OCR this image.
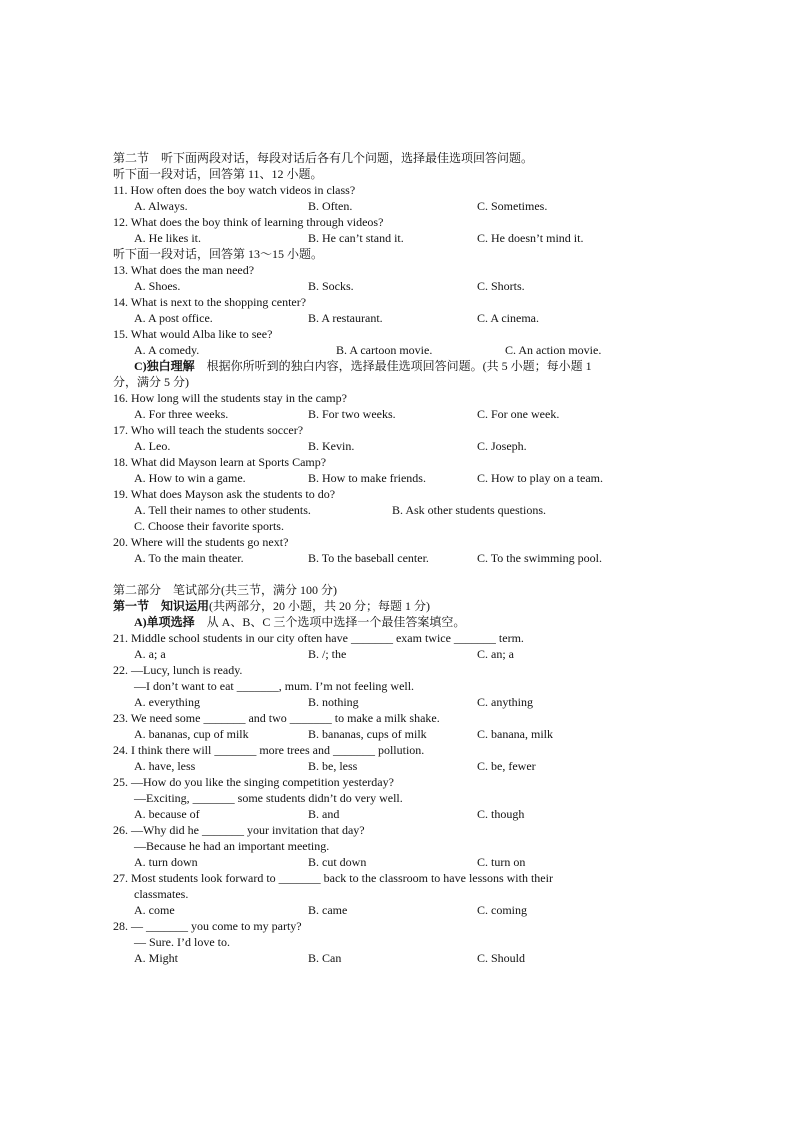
第二节　听下面两段对话，每段对话后各有几个问题，选择最佳选项回答问题。
听下面一段对话，回答第 11、12 小题。
11. How often does the boy watch videos in class?
A. Always.	B. Often.	C. Sometimes.
12. What does the boy think of learning through videos?
A. He likes it.	B. He can’t stand it.	C. He doesn’t mind it.
听下面一段对话，回答第 13～15 小题。
13. What does the man need?
A. Shoes.	B. Socks.	C. Shorts.
14. What is next to the shopping center?
A. A post office.	B. A restaurant.	C. A cinema.
15. What would Alba like to see?
A. A comedy.	B. A cartoon movie.	C. An action movie.
C)独白理解　根据你所听到的独白内容，选择最佳选项回答问题。(共 5 小题；每小题 1
分，满分 5 分)
16. How long will the students stay in the camp?
A. For three weeks.	B. For two weeks.	C. For one week.
17. Who will teach the students soccer?
A. Leo.	B. Kevin.	C. Joseph.
18. What did Mayson learn at Sports Camp?
A. How to win a game.	B. How to make friends.	C. How to play on a team.
19. What does Mayson ask the students to do?
A. Tell their names to other students.	B. Ask other students questions.
C. Choose their favorite sports.
20. Where will the students go next?
A. To the main theater.	B. To the baseball center.	C. To the swimming pool.
第二部分　笔试部分(共三节，满分 100 分)
第一节　知识运用(共两部分，20 小题，共 20 分；每题 1 分)
A)单项选择　从 A、B、C 三个选项中选择一个最佳答案填空。
21. Middle school students in our city often have _______ exam twice _______ term.
A. a; a	B. /; the	C. an; a
22. —Lucy, lunch is ready.
—I don’t want to eat _______, mum. I’m not feeling well.
A. everything	B. nothing	C. anything
23. We need some _______ and two _______ to make a milk shake.
A. bananas, cup of milk	B. bananas, cups of milk	C. banana, milk
24. I think there will _______ more trees and _______ pollution.
A. have, less	B. be, less	C. be, fewer
25. —How do you like the singing competition yesterday?
—Exciting, _______ some students didn’t do very well.
A. because of	B. and	C. though
26. —Why did he _______ your invitation that day?
—Because he had an important meeting.
A. turn down	B. cut down	C. turn on
27. Most students look forward to _______ back to the classroom to have lessons with their
classmates.
A. come	B. came	C. coming
28. — _______ you come to my party?
— Sure. I’d love to.
A. Might	B. Can	C. Should
